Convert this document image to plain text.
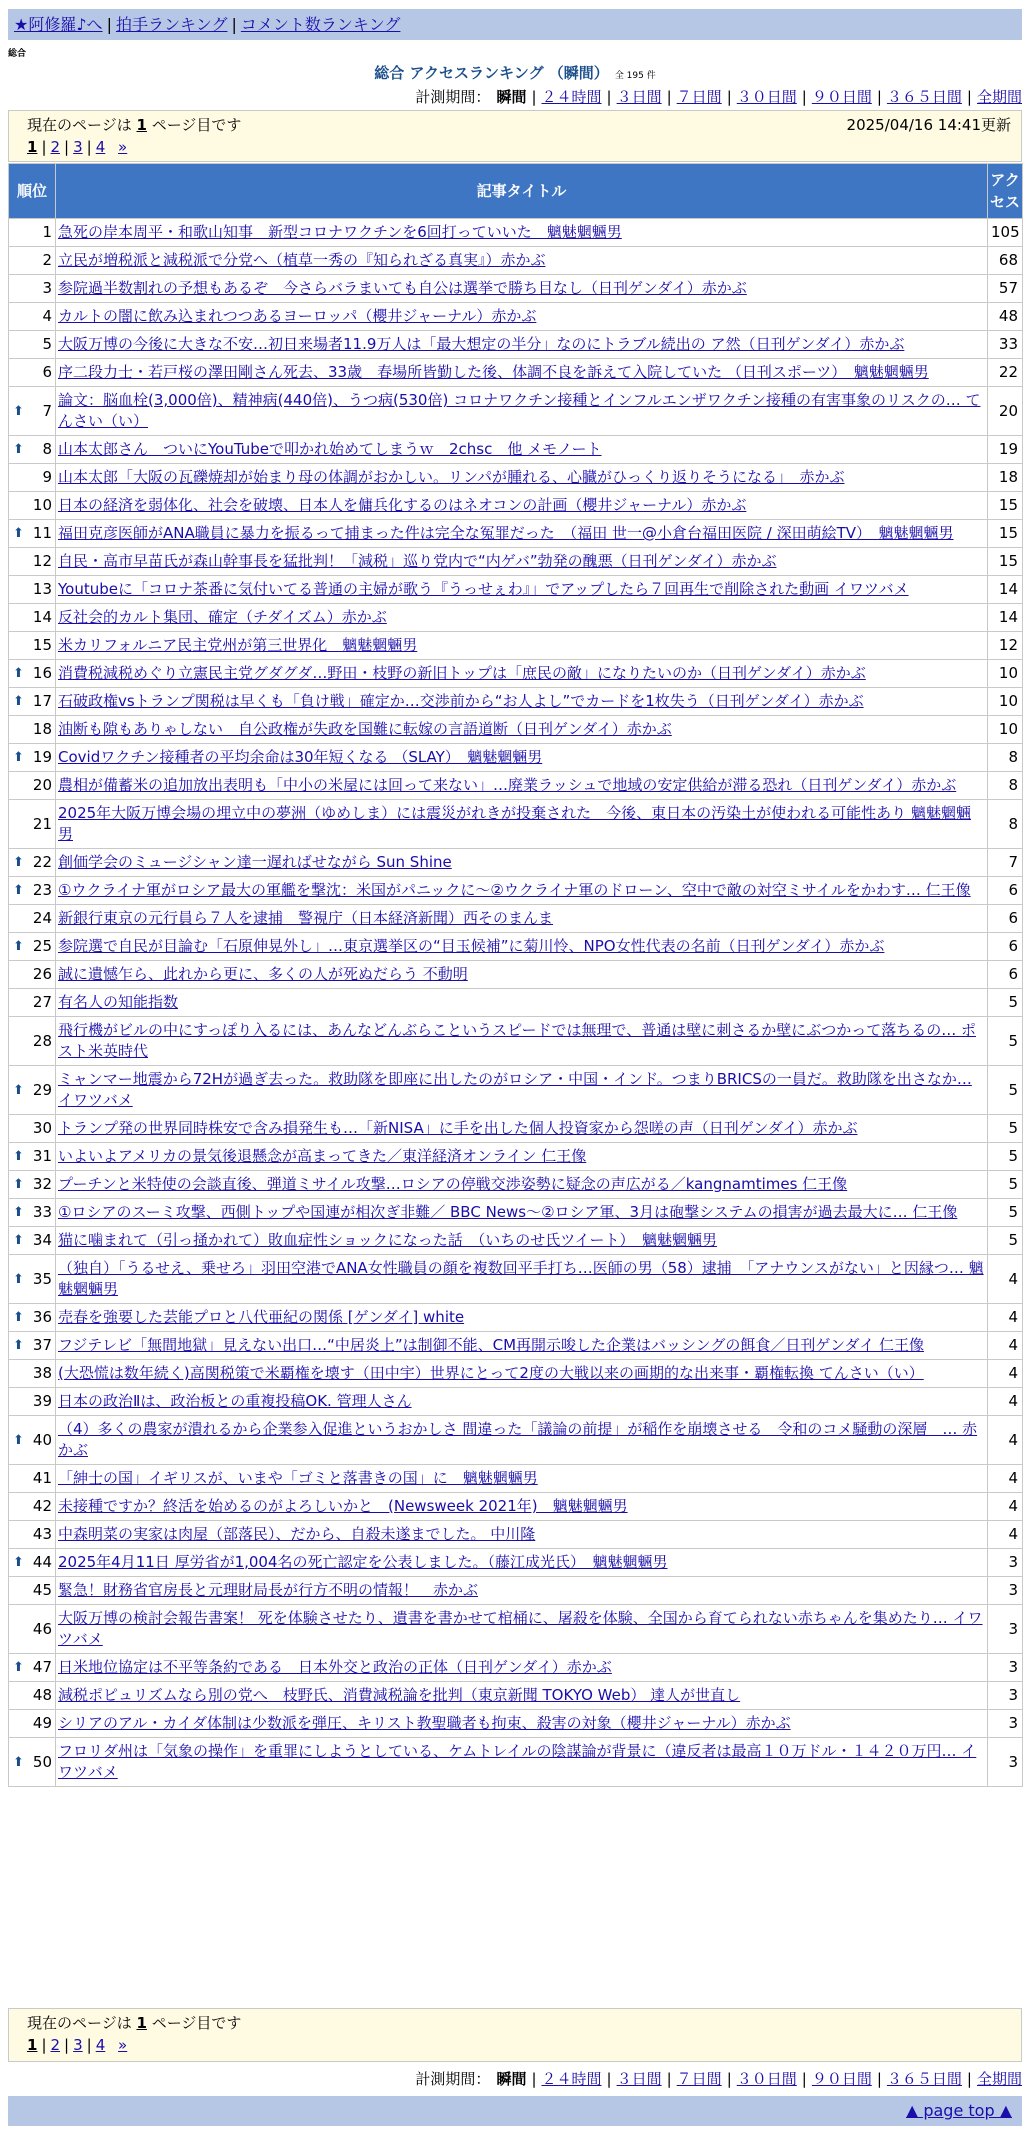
★阿修羅♪へ | 拍手ランキング | コメント数ランキング
総合
総合 アクセスランキング （瞬間） 全 195 件
計測期間： 瞬間 | ２４時間 | ３日間 | ７日間 | ３０日間 | ９０日間 | ３６５日間 | 全期間
現在のページは 1 ページ目です	2025/04/16 14:41更新
1 | 2 | 3 | 4 »
順位	記事タイトル	アクセス
1	急死の岸本周平・和歌山知事　新型コロナワクチンを6回打っていいた　魑魅魍魎男	105
2	立民が増税派と減税派で分党へ（植草一秀の『知られざる真実』）赤かぶ	68
3	参院過半数割れの予想もあるぞ　今さらバラまいても自公は選挙で勝ち目なし（日刊ゲンダイ）赤かぶ	57
4	カルトの闇に飲み込まれつつあるヨーロッパ（櫻井ジャーナル）赤かぶ	48
5	大阪万博の今後に大きな不安…初日来場者11.9万人は「最大想定の半分」なのにトラブル続出の ア然（日刊ゲンダイ）赤かぶ	33
6	序二段力士・若戸桜の澤田剛さん死去、33歳　春場所皆勤した後、体調不良を訴えて入院していた （日刊スポーツ）　魑魅魍魎男	22

⬆ 7	論文：脳血栓(3,000倍)、精神病(440倍)、うつ病(530倍) コロナワクチン接種とインフルエンザワクチン接種の有害事象のリスクの… てんさい（い）	20

⬆ 8	山本太郎さん　ついにYouTubeで叩かれ始めてしまうｗ　2chsc　他 メモノート	19
9	山本太郎「大阪の瓦礫焼却が始まり母の体調がおかしい。リンパが腫れる、心臓がひっくり返りそうになる」　赤かぶ	18
10	日本の経済を弱体化、社会を破壊、日本人を傭兵化するのはネオコンの計画（櫻井ジャーナル）赤かぶ	15

⬆ 11	福田克彦医師がANA職員に暴力を振るって捕まった件は完全な冤罪だった　（福田 世一@小倉台福田医院 / 深田萌絵TV）　魑魅魍魎男	15
12	自民・高市早苗氏が森山幹事長を猛批判！「減税」巡り党内で“内ゲバ”勃発の醜悪（日刊ゲンダイ）赤かぶ	15
13	Youtubeに「コロナ茶番に気付いてる普通の主婦が歌う『うっせぇわ』」でアップしたら７回再生で削除された動画 イワツバメ	14
14	反社会的カルト集団、確定（チダイズム）赤かぶ	14
15	米カリフォルニア民主党州が第三世界化　魑魅魍魎男	12

⬆ 16	消費税減税めぐり立憲民主党グダグダ…野田・枝野の新旧トップは「庶民の敵」になりたいのか（日刊ゲンダイ）赤かぶ	10

⬆ 17	石破政権vsトランプ関税は早くも「負け戦」確定か…交渉前から“お人よし”でカードを1枚失う（日刊ゲンダイ）赤かぶ	10
18	油断も隙もありゃしない　自公政権が失政を国難に転嫁の言語道断（日刊ゲンダイ）赤かぶ	10

⬆ 19	Covidワクチン接種者の平均余命は30年短くなる （SLAY）　魑魅魍魎男	8
20	農相が備蓄米の追加放出表明も「中小の米屋には回って来ない」…廃業ラッシュで地域の安定供給が滞る恐れ（日刊ゲンダイ）赤かぶ	8
21	2025年大阪万博会場の埋立中の夢洲（ゆめしま）には震災がれきが投棄された　今後、東日本の汚染土が使われる可能性あり 魑魅魍魎男	8

⬆ 22	創価学会のミュージシャン達一遅ればせながら Sun Shine	7

⬆ 23	①ウクライナ軍がロシア最大の軍艦を撃沈：米国がパニックに～②ウクライナ軍のドローン、空中で敵の対空ミサイルをかわす… 仁王像	6
24	新銀行東京の元行員ら７人を逮捕　警視庁（日本経済新聞）西そのまんま	6

⬆ 25	参院選で自民が目論む「石原伸晃外し」…東京選挙区の“目玉候補”に菊川怜、NPO女性代表の名前（日刊ゲンダイ）赤かぶ	6
26	誠に遺憾乍ら、此れから更に、多くの人が死ぬだらう 不動明	6
27	有名人の知能指数	5
28	飛行機がビルの中にすっぽり入るには、あんなどんぶらこというスピードでは無理で、普通は壁に刺さるか壁にぶつかって落ちるの… ポスト米英時代	5

⬆ 29	ミャンマー地震から72Hが過ぎ去った。救助隊を即座に出したのがロシア・中国・インド。つまりBRICSの一員だ。救助隊を出さなか… イワツバメ	5
30	トランプ発の世界同時株安で含み損発生も…「新NISA」に手を出した個人投資家から怨嗟の声（日刊ゲンダイ）赤かぶ	5

⬆ 31	いよいよアメリカの景気後退懸念が高まってきた／東洋経済オンライン 仁王像	5

⬆ 32	プーチンと米特使の会談直後、弾道ミサイル攻撃…ロシアの停戦交渉姿勢に疑念の声広がる／kangnamtimes 仁王像	5

⬆ 33	①ロシアのスーミ攻撃、西側トップや国連が相次ぎ非難／ BBC News～②ロシア軍、3月は砲撃システムの損害が過去最大に… 仁王像	5

⬆ 34	猫に噛まれて（引っ掻かれて）敗血症性ショックになった話　（いちのせ氏ツイート）　魑魅魍魎男	5

⬆ 35	（独自）「うるせえ、乗せろ」羽田空港でANA女性職員の顔を複数回平手打ち…医師の男（58）逮捕　「アナウンスがない」と因縁つ… 魑魅魍魎男	4

⬆ 36	売春を強要した芸能プロと八代亜紀の関係 [ゲンダイ] white	4

⬆ 37	フジテレビ「無間地獄」見えない出口…“中居炎上”は制御不能、CM再開示唆した企業はバッシングの餌食／日刊ゲンダイ 仁王像	4
38	(大恐慌は数年続く)高関税策で米覇権を壊す（田中宇）世界にとって2度の大戦以来の画期的な出来事・覇権転換 てんさい（い）	4
39	日本の政治Ⅱは、政治板との重複投稿OK. 管理人さん	4

⬆ 40	（4）多くの農家が潰れるから企業参入促進というおかしさ 間違った「議論の前提」が稲作を崩壊させる　令和のコメ騒動の深層　… 赤かぶ	4
41	「紳士の国」イギリスが、いまや「ゴミと落書きの国」に　魑魅魍魎男	4
42	未接種ですか？終活を始めるのがよろしいかと　(Newsweek 2021年)　魑魅魍魎男	4
43	中森明菜の実家は肉屋（部落民）、だから、自殺未遂までした。 中川隆	4

⬆ 44	2025年4月11日 厚労省が1,004名の死亡認定を公表しました。（藤江成光氏）　魑魅魍魎男	3
45	緊急！財務省官房長と元理財局長が行方不明の情報！　赤かぶ	3
46	大阪万博の検討会報告書案！ 死を体験させたり、遺書を書かせて棺桶に、屠殺を体験、全国から育てられない赤ちゃんを集めたり… イワツバメ	3

⬆ 47	日米地位協定は不平等条約である　日本外交と政治の正体（日刊ゲンダイ）赤かぶ	3
48	減税ポピュリズムなら別の党へ　枝野氏、消費減税論を批判（東京新聞 TOKYO Web） 達人が世直し	3
49	シリアのアル・カイダ体制は少数派を弾圧、キリスト教聖職者も拘束、殺害の対象（櫻井ジャーナル）赤かぶ	3

⬆ 50	フロリダ州は「気象の操作」を重罪にしようとしている、ケムトレイルの陰謀論が背景に（違反者は最高１０万ドル・１４２０万円… イワツバメ	3
現在のページは 1 ページ目です
1 | 2 | 3 | 4 »
計測期間： 瞬間 | ２４時間 | ３日間 | ７日間 | ３０日間 | ９０日間 | ３６５日間 | 全期間
▲ page top ▲
